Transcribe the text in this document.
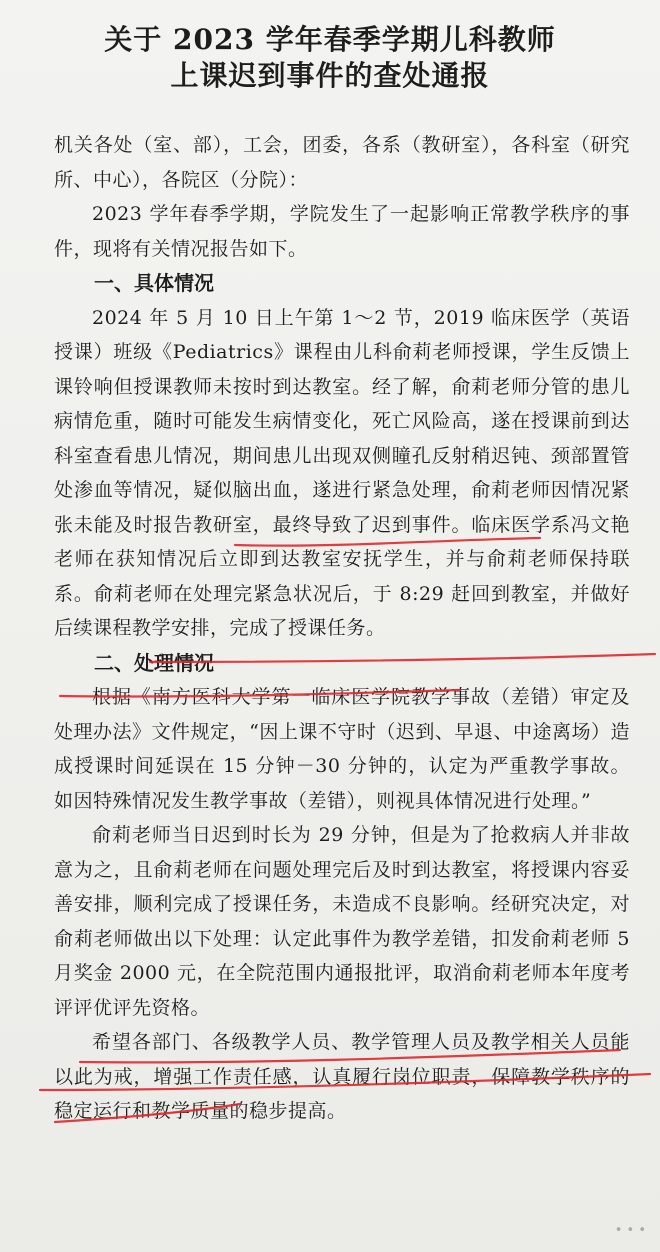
关于 2023 学年春季学期儿科教师
上课迟到事件的查处通报

机关各处（室、部），工会，团委，各系（教研室），各科室（研究所、中心），各院区（分院）：

2023 学年春季学期，学院发生了一起影响正常教学秩序的事件，现将有关情况报告如下。

一、具体情况

2024 年 5 月 10 日上午第 1～2 节，2019 临床医学（英语授课）班级《Pediatrics》课程由儿科俞莉老师授课，学生反馈上课铃响但授课教师未按时到达教室。经了解，俞莉老师分管的患儿病情危重，随时可能发生病情变化，死亡风险高，遂在授课前到达科室查看患儿情况，期间患儿出现双侧瞳孔反射稍迟钝、颈部置管处渗血等情况，疑似脑出血，遂进行紧急处理，俞莉老师因情况紧张未能及时报告教研室，最终导致了迟到事件。临床医学系冯文艳老师在获知情况后立即到达教室安抚学生，并与俞莉老师保持联系。俞莉老师在处理完紧急状况后，于 8:29 赶回到教室，并做好后续课程教学安排，完成了授课任务。

二、处理情况

根据《南方医科大学第一临床医学院教学事故（差错）审定及处理办法》文件规定，“因上课不守时（迟到、早退、中途离场）造成授课时间延误在 15 分钟－30 分钟的，认定为严重教学事故。如因特殊情况发生教学事故（差错），则视具体情况进行处理。”

俞莉老师当日迟到时长为 29 分钟，但是为了抢救病人并非故意为之，且俞莉老师在问题处理完后及时到达教室，将授课内容妥善安排，顺利完成了授课任务，未造成不良影响。经研究决定，对俞莉老师做出以下处理：认定此事件为教学差错，扣发俞莉老师 5 月奖金 2000 元，在全院范围内通报批评，取消俞莉老师本年度考评评优评先资格。

希望各部门、各级教学人员、教学管理人员及教学相关人员能以此为戒，增强工作责任感，认真履行岗位职责，保障教学秩序的稳定运行和教学质量的稳步提高。

• • •
